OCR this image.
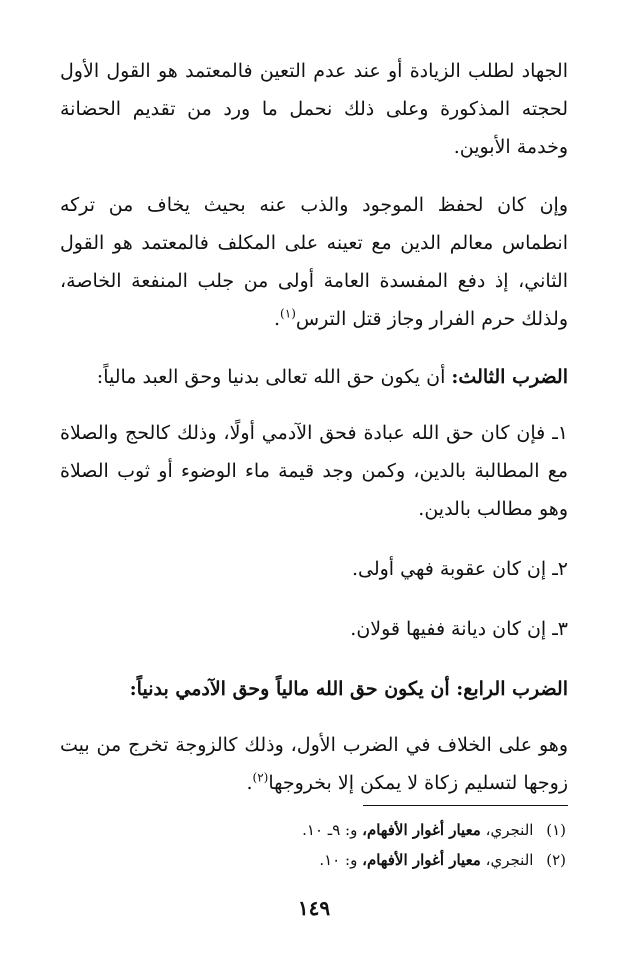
الجهاد لطلب الزيادة أو عند عدم التعين فالمعتمد هو القول الأول لحجته المذكورة وعلى ذلك نحمل ما ورد من تقديم الحضانة وخدمة الأبوين.

وإن كان لحفظ الموجود والذب عنه بحيث يخاف من تركه انطماس معالم الدين مع تعينه على المكلف فالمعتمد هو القول الثاني، إذ دفع المفسدة العامة أولى من جلب المنفعة الخاصة، ولذلك حرم الفرار وجاز قتل الترس$^{(١)}$.

الضرب الثالث: أن يكون حق الله تعالى بدنيا وحق العبد مالياً:

١ـ فإن كان حق الله عبادة فحق الآدمي أولًا، وذلك كالحج والصلاة مع المطالبة بالدين، وكمن وجد قيمة ماء الوضوء أو ثوب الصلاة وهو مطالب بالدين.

٢ـ إن كان عقوبة فهي أولى.

٣ـ إن كان ديانة ففيها قولان.

الضرب الرابع: أن يكون حق الله مالياً وحق الآدمي بدنياً:

وهو على الخلاف في الضرب الأول، وذلك كالزوجة تخرج من بيت زوجها لتسليم زكاة لا يمكن إلا بخروجها$^{(٢)}$.

(١) النجري، معيار أغوار الأفهام، و: ٩ـ ١٠.
(٢) النجري، معيار أغوار الأفهام، و: ١٠.
١٤٩
